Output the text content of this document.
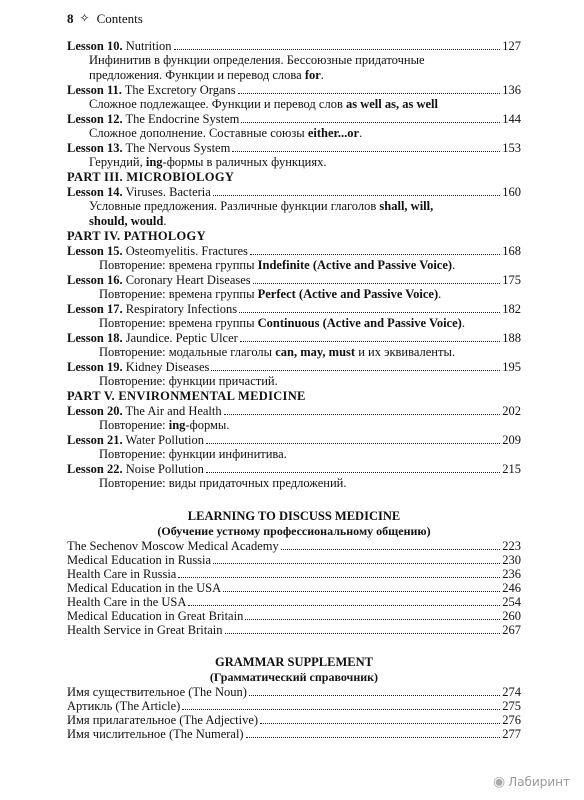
8 ✧ Contents
Lesson 10. Nutrition	127
Инфинитив в функции определения. Бессоюзные придаточные
предложения. Функции и перевод слова for.
Lesson 11. The Excretory Organs	136
Сложное подлежащее. Функции и перевод слов as well as, as well
Lesson 12. The Endocrine System	144
Сложное дополнение. Составные союзы either...or.
Lesson 13. The Nervous System	153
Герундий, ing-формы в раличных функциях.
PART III. MICROBIOLOGY
Lesson 14. Viruses. Bacteria	160
Условные предложения. Различные функции глаголов shall, will,
should, would.
PART IV. PATHOLOGY
Lesson 15. Osteomyelitis. Fractures	168
Повторение: времена группы Indefinite (Active and Passive Voice).
Lesson 16. Coronary Heart Diseases	175
Повторение: времена группы Perfect (Active and Passive Voice).
Lesson 17. Respiratory Infections	182
Повторение: времена группы Continuous (Active and Passive Voice).
Lesson 18. Jaundice. Peptic Ulcer	188
Повторение: модальные глаголы can, may, must и их эквиваленты.
Lesson 19. Kidney Diseases	195
Повторение: функции причастий.
PART V. ENVIRONMENTAL MEDICINE
Lesson 20. The Air and Health	202
Повторение: ing-формы.
Lesson 21. Water Pollution	209
Повторение: функции инфинитива.
Lesson 22. Noise Pollution	215
Повторение: виды придаточных предложений.
LEARNING TO DISCUSS MEDICINE
(Обучение устному профессиональному общению)
The Sechenov Moscow Medical Academy	223
Medical Education in Russia	230
Health Care in Russia	236
Medical Education in the USA	246
Health Care in the USA	254
Medical Education in Great Britain	260
Health Service in Great Britain	267
GRAMMAR SUPPLEMENT
(Грамматический справочник)
Имя существительное (The Noun)	274
Артикль (The Article)	275
Имя прилагательное (The Adjective)	276
Имя числительное (The Numeral)	277
◉ Лабиринт
